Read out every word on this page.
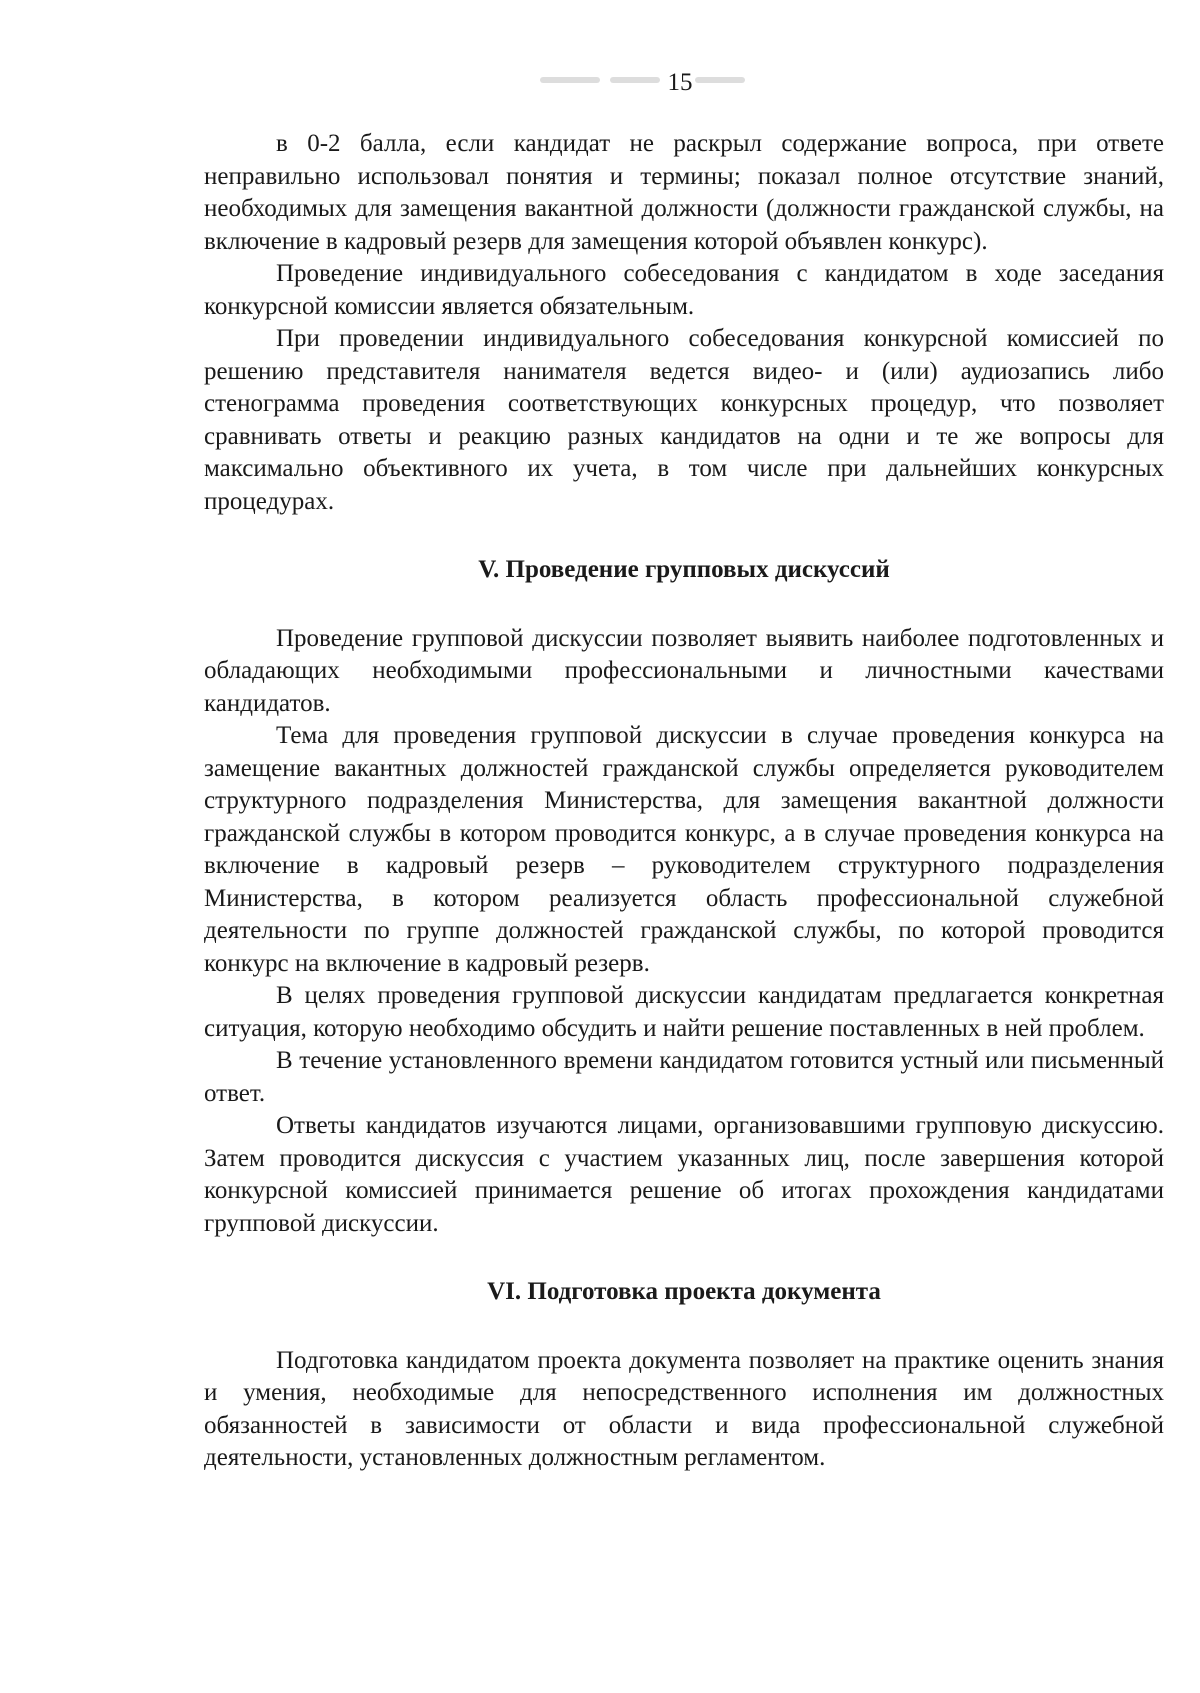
15

в 0-2 балла, если кандидат не раскрыл содержание вопроса, при ответе неправильно использовал понятия и термины; показал полное отсутствие знаний, необходимых для замещения вакантной должности (должности гражданской службы, на включение в кадровый резерв для замещения которой объявлен конкурс).

Проведение индивидуального собеседования с кандидатом в ходе заседания конкурсной комиссии является обязательным.

При проведении индивидуального собеседования конкурсной комиссией по решению представителя нанимателя ведется видео- и (или) аудиозапись либо стенограмма проведения соответствующих конкурсных процедур, что позволяет сравнивать ответы и реакцию разных кандидатов на одни и те же вопросы для максимально объективного их учета, в том числе при дальнейших конкурсных процедурах.

V. Проведение групповых дискуссий

Проведение групповой дискуссии позволяет выявить наиболее подготовленных и обладающих необходимыми профессиональными и личностными качествами кандидатов.

Тема для проведения групповой дискуссии в случае проведения конкурса на замещение вакантных должностей гражданской службы определяется руководителем структурного подразделения Министерства, для замещения вакантной должности гражданской службы в котором проводится конкурс, а в случае проведения конкурса на включение в кадровый резерв – руководителем структурного подразделения Министерства, в котором реализуется область профессиональной служебной деятельности по группе должностей гражданской службы, по которой проводится конкурс на включение в кадровый резерв.

В целях проведения групповой дискуссии кандидатам предлагается конкретная ситуация, которую необходимо обсудить и найти решение поставленных в ней проблем.

В течение установленного времени кандидатом готовится устный или письменный ответ.

Ответы кандидатов изучаются лицами, организовавшими групповую дискуссию. Затем проводится дискуссия с участием указанных лиц, после завершения которой конкурсной комиссией принимается решение об итогах прохождения кандидатами групповой дискуссии.

VI. Подготовка проекта документа

Подготовка кандидатом проекта документа позволяет на практике оценить знания и умения, необходимые для непосредственного исполнения им должностных обязанностей в зависимости от области и вида профессиональной служебной деятельности, установленных должностным регламентом.
